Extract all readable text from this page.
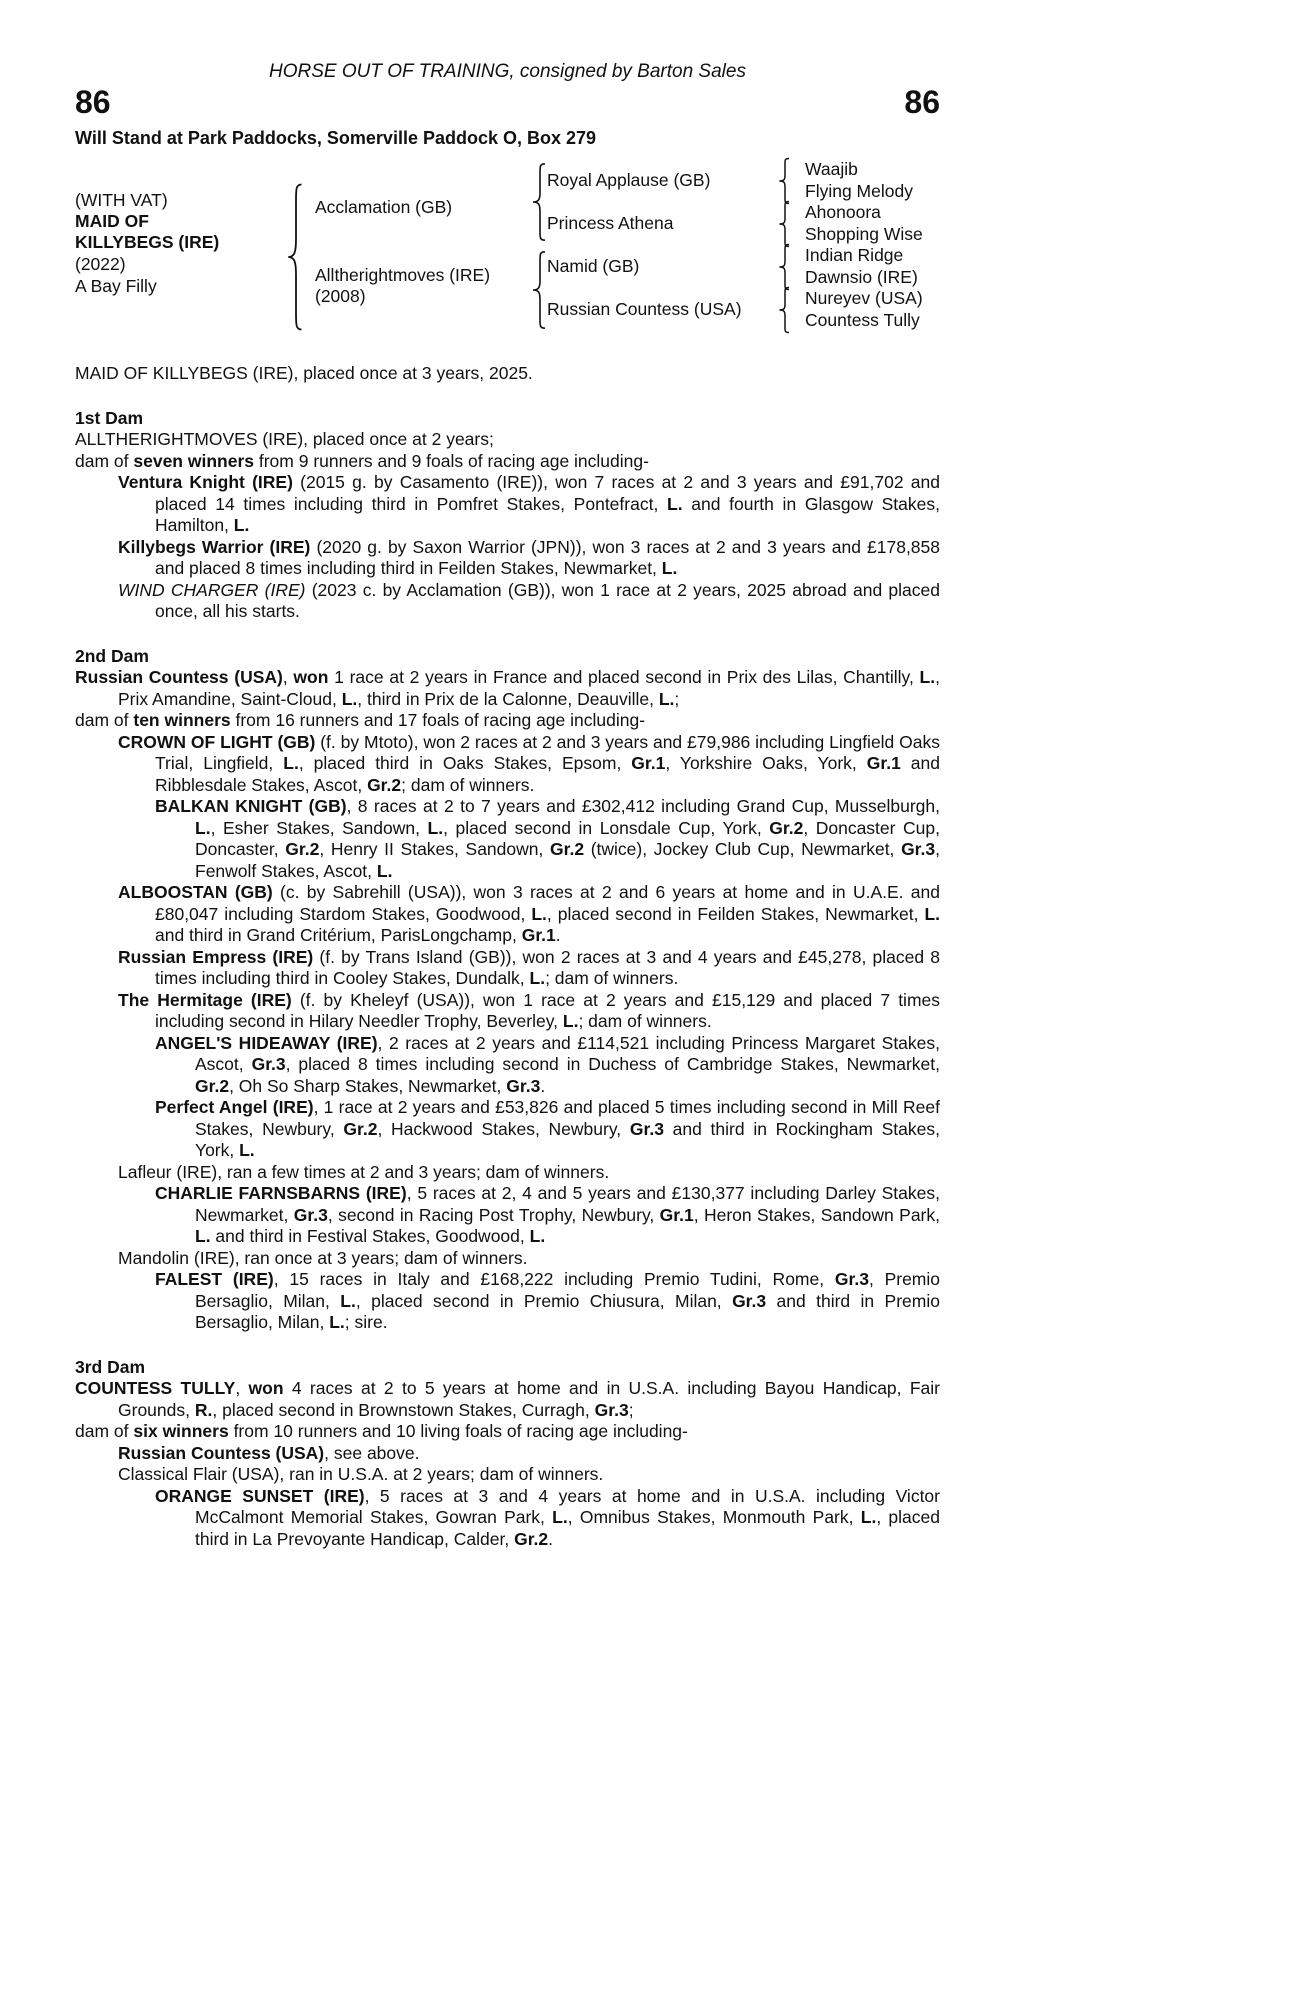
HORSE OUT OF TRAINING, consigned by Barton Sales
86	86
Will Stand at Park Paddocks, Somerville Paddock O, Box 279
(WITH VAT)
MAID OF
KILLYBEGS (IRE)
(2022)
A Bay Filly
Acclamation (GB)
Alltherightmoves (IRE)
(2008)
Royal Applause (GB)
Princess Athena
Namid (GB)
Russian Countess (USA)
Waajib
Flying Melody
Ahonoora
Shopping Wise
Indian Ridge
Dawnsio (IRE)
Nureyev (USA)
Countess Tully
MAID OF KILLYBEGS (IRE), placed once at 3 years, 2025.
1st Dam
ALLTHERIGHTMOVES (IRE), placed once at 2 years;
dam of seven winners from 9 runners and 9 foals of racing age including-
Ventura Knight (IRE) (2015 g. by Casamento (IRE)), won 7 races at 2 and 3 years and £91,702 and placed 14 times including third in Pomfret Stakes, Pontefract, L. and fourth in Glasgow Stakes, Hamilton, L.
Killybegs Warrior (IRE) (2020 g. by Saxon Warrior (JPN)), won 3 races at 2 and 3 years and £178,858 and placed 8 times including third in Feilden Stakes, Newmarket, L.
WIND CHARGER (IRE) (2023 c. by Acclamation (GB)), won 1 race at 2 years, 2025 abroad and placed once, all his starts.
2nd Dam
Russian Countess (USA), won 1 race at 2 years in France and placed second in Prix des Lilas, Chantilly, L., Prix Amandine, Saint-Cloud, L., third in Prix de la Calonne, Deauville, L.;
dam of ten winners from 16 runners and 17 foals of racing age including-
CROWN OF LIGHT (GB) (f. by Mtoto), won 2 races at 2 and 3 years and £79,986 including Lingfield Oaks Trial, Lingfield, L., placed third in Oaks Stakes, Epsom, Gr.1, Yorkshire Oaks, York, Gr.1 and Ribblesdale Stakes, Ascot, Gr.2; dam of winners.
BALKAN KNIGHT (GB), 8 races at 2 to 7 years and £302,412 including Grand Cup, Musselburgh, L., Esher Stakes, Sandown, L., placed second in Lonsdale Cup, York, Gr.2, Doncaster Cup, Doncaster, Gr.2, Henry II Stakes, Sandown, Gr.2 (twice), Jockey Club Cup, Newmarket, Gr.3, Fenwolf Stakes, Ascot, L.
ALBOOSTAN (GB) (c. by Sabrehill (USA)), won 3 races at 2 and 6 years at home and in U.A.E. and £80,047 including Stardom Stakes, Goodwood, L., placed second in Feilden Stakes, Newmarket, L. and third in Grand Critérium, ParisLongchamp, Gr.1.
Russian Empress (IRE) (f. by Trans Island (GB)), won 2 races at 3 and 4 years and £45,278, placed 8 times including third in Cooley Stakes, Dundalk, L.; dam of winners.
The Hermitage (IRE) (f. by Kheleyf (USA)), won 1 race at 2 years and £15,129 and placed 7 times including second in Hilary Needler Trophy, Beverley, L.; dam of winners.
ANGEL'S HIDEAWAY (IRE), 2 races at 2 years and £114,521 including Princess Margaret Stakes, Ascot, Gr.3, placed 8 times including second in Duchess of Cambridge Stakes, Newmarket, Gr.2, Oh So Sharp Stakes, Newmarket, Gr.3.
Perfect Angel (IRE), 1 race at 2 years and £53,826 and placed 5 times including second in Mill Reef Stakes, Newbury, Gr.2, Hackwood Stakes, Newbury, Gr.3 and third in Rockingham Stakes, York, L.
Lafleur (IRE), ran a few times at 2 and 3 years; dam of winners.
CHARLIE FARNSBARNS (IRE), 5 races at 2, 4 and 5 years and £130,377 including Darley Stakes, Newmarket, Gr.3, second in Racing Post Trophy, Newbury, Gr.1, Heron Stakes, Sandown Park, L. and third in Festival Stakes, Goodwood, L.
Mandolin (IRE), ran once at 3 years; dam of winners.
FALEST (IRE), 15 races in Italy and £168,222 including Premio Tudini, Rome, Gr.3, Premio Bersaglio, Milan, L., placed second in Premio Chiusura, Milan, Gr.3 and third in Premio Bersaglio, Milan, L.; sire.
3rd Dam
COUNTESS TULLY, won 4 races at 2 to 5 years at home and in U.S.A. including Bayou Handicap, Fair Grounds, R., placed second in Brownstown Stakes, Curragh, Gr.3;
dam of six winners from 10 runners and 10 living foals of racing age including-
Russian Countess (USA), see above.
Classical Flair (USA), ran in U.S.A. at 2 years; dam of winners.
ORANGE SUNSET (IRE), 5 races at 3 and 4 years at home and in U.S.A. including Victor McCalmont Memorial Stakes, Gowran Park, L., Omnibus Stakes, Monmouth Park, L., placed third in La Prevoyante Handicap, Calder, Gr.2.
